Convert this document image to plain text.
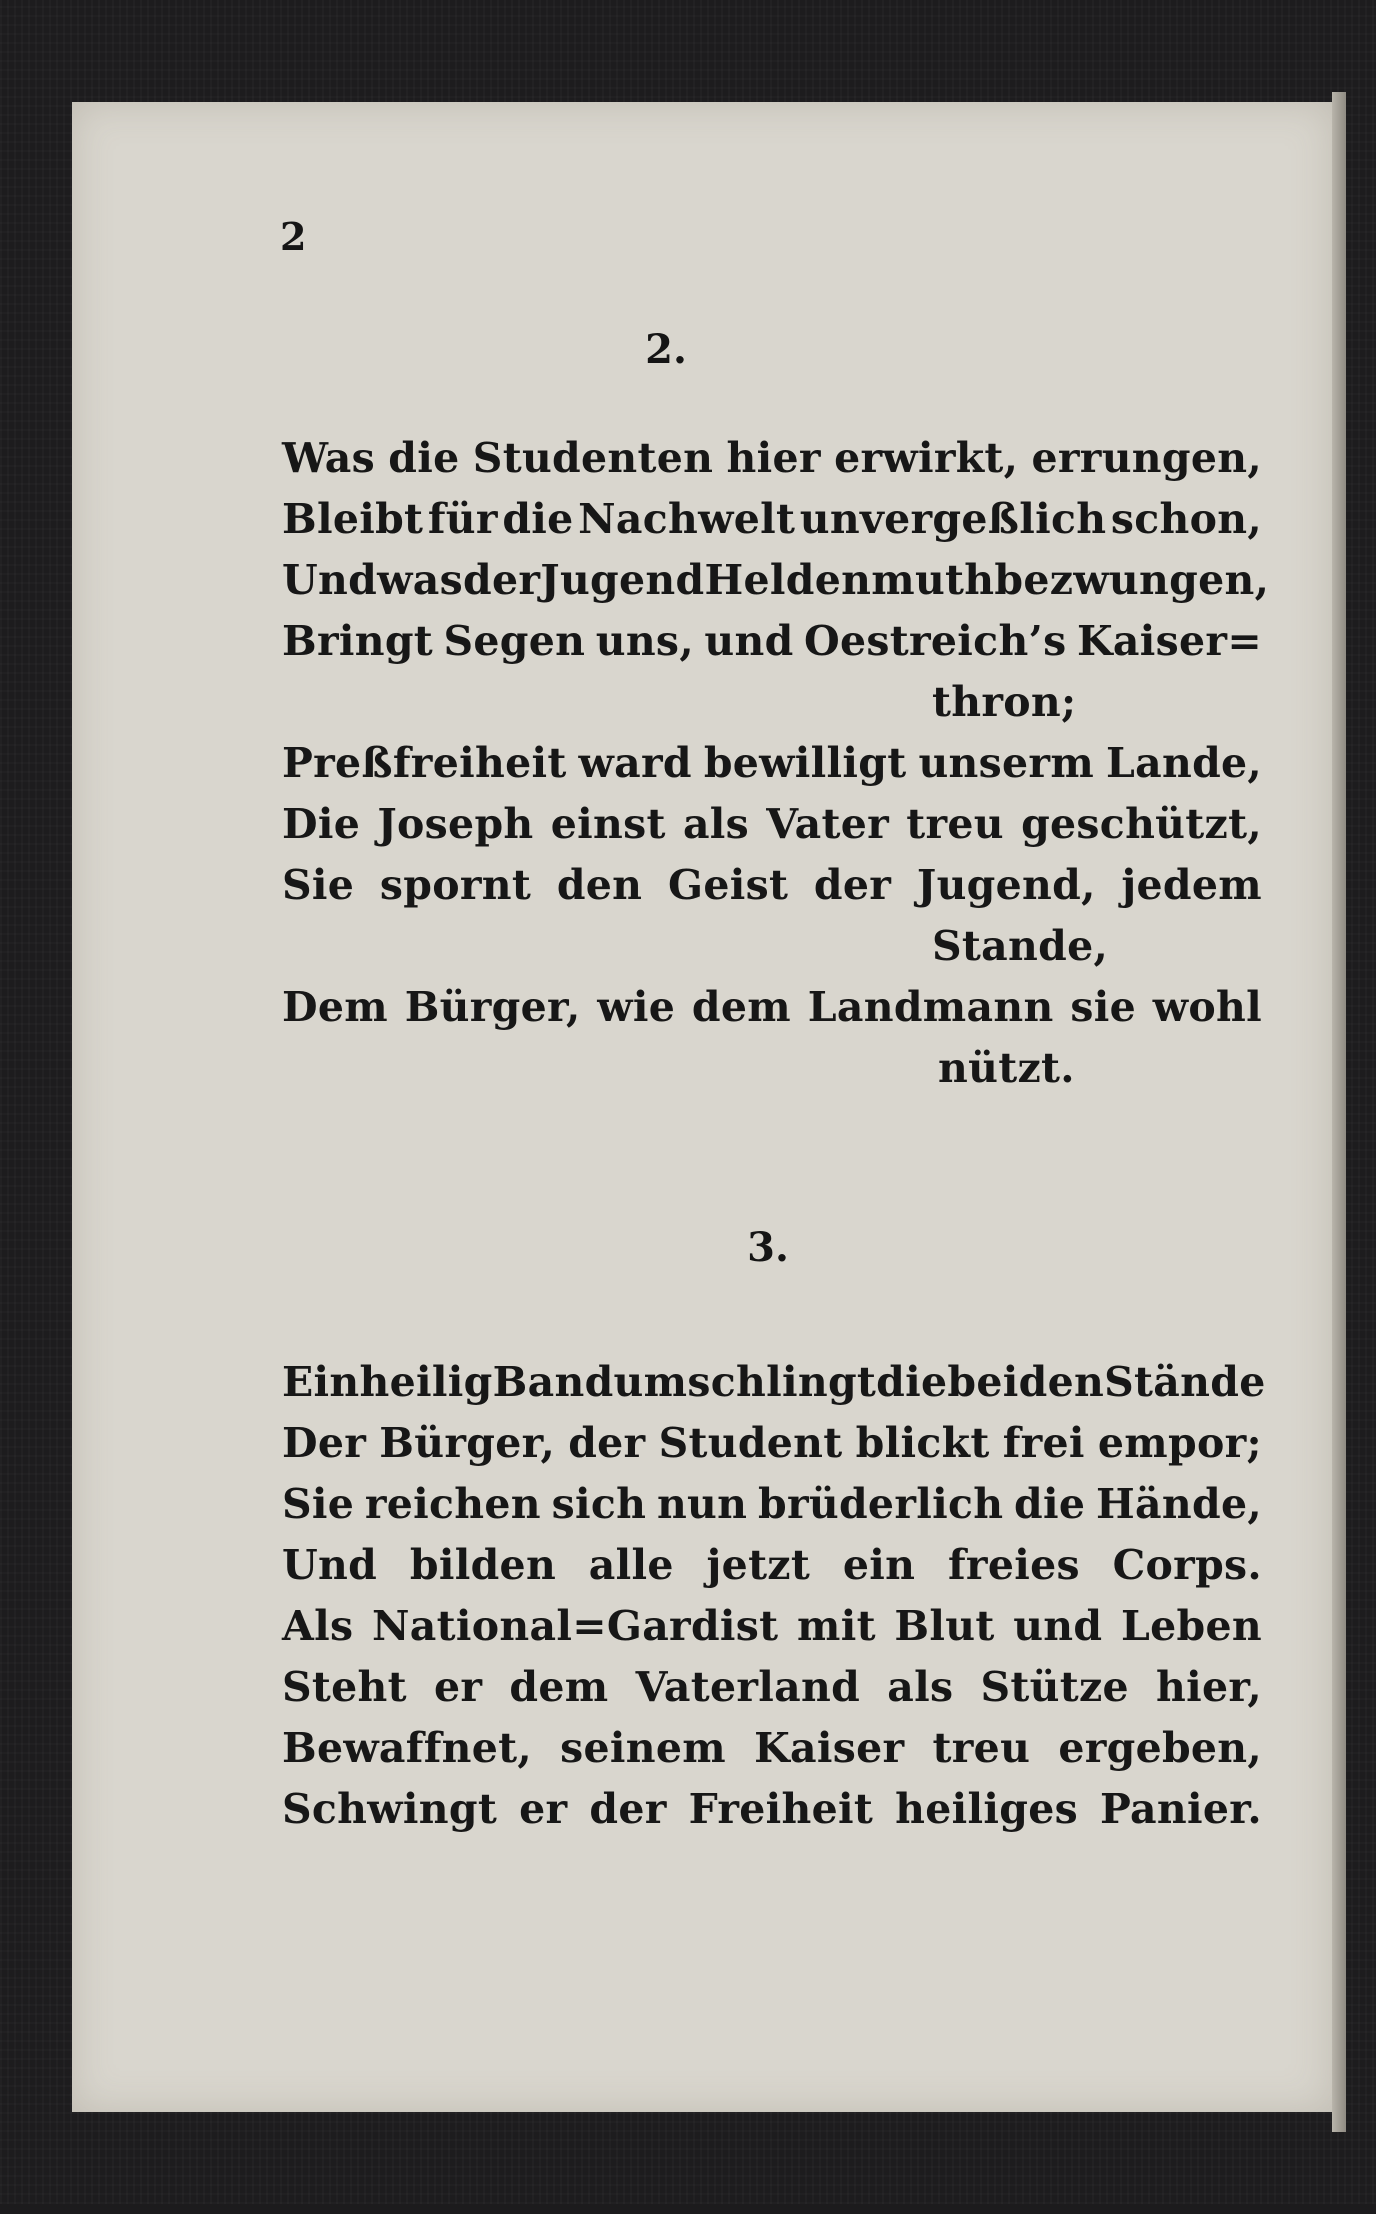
2
2.
Was die Studenten hier erwirkt, errungen,
Bleibt für die Nachwelt unvergeßlich schon,
Und was der Jugend Heldenmuth bezwungen,
Bringt Segen uns, und Oestreich’s Kaiser=
thron;
Preßfreiheit ward bewilligt unserm Lande,
Die Joseph einst als Vater treu geschützt,
Sie spornt den Geist der Jugend, jedem
Stande,
Dem Bürger, wie dem Landmann sie wohl
nützt.
3.
Ein heilig Band umschlingt die beiden Stände
Der Bürger, der Student blickt frei empor;
Sie reichen sich nun brüderlich die Hände,
Und bilden alle jetzt ein freies Corps.
Als National=Gardist mit Blut und Leben
Steht er dem Vaterland als Stütze hier,
Bewaffnet, seinem Kaiser treu ergeben,
Schwingt er der Freiheit heiliges Panier.
